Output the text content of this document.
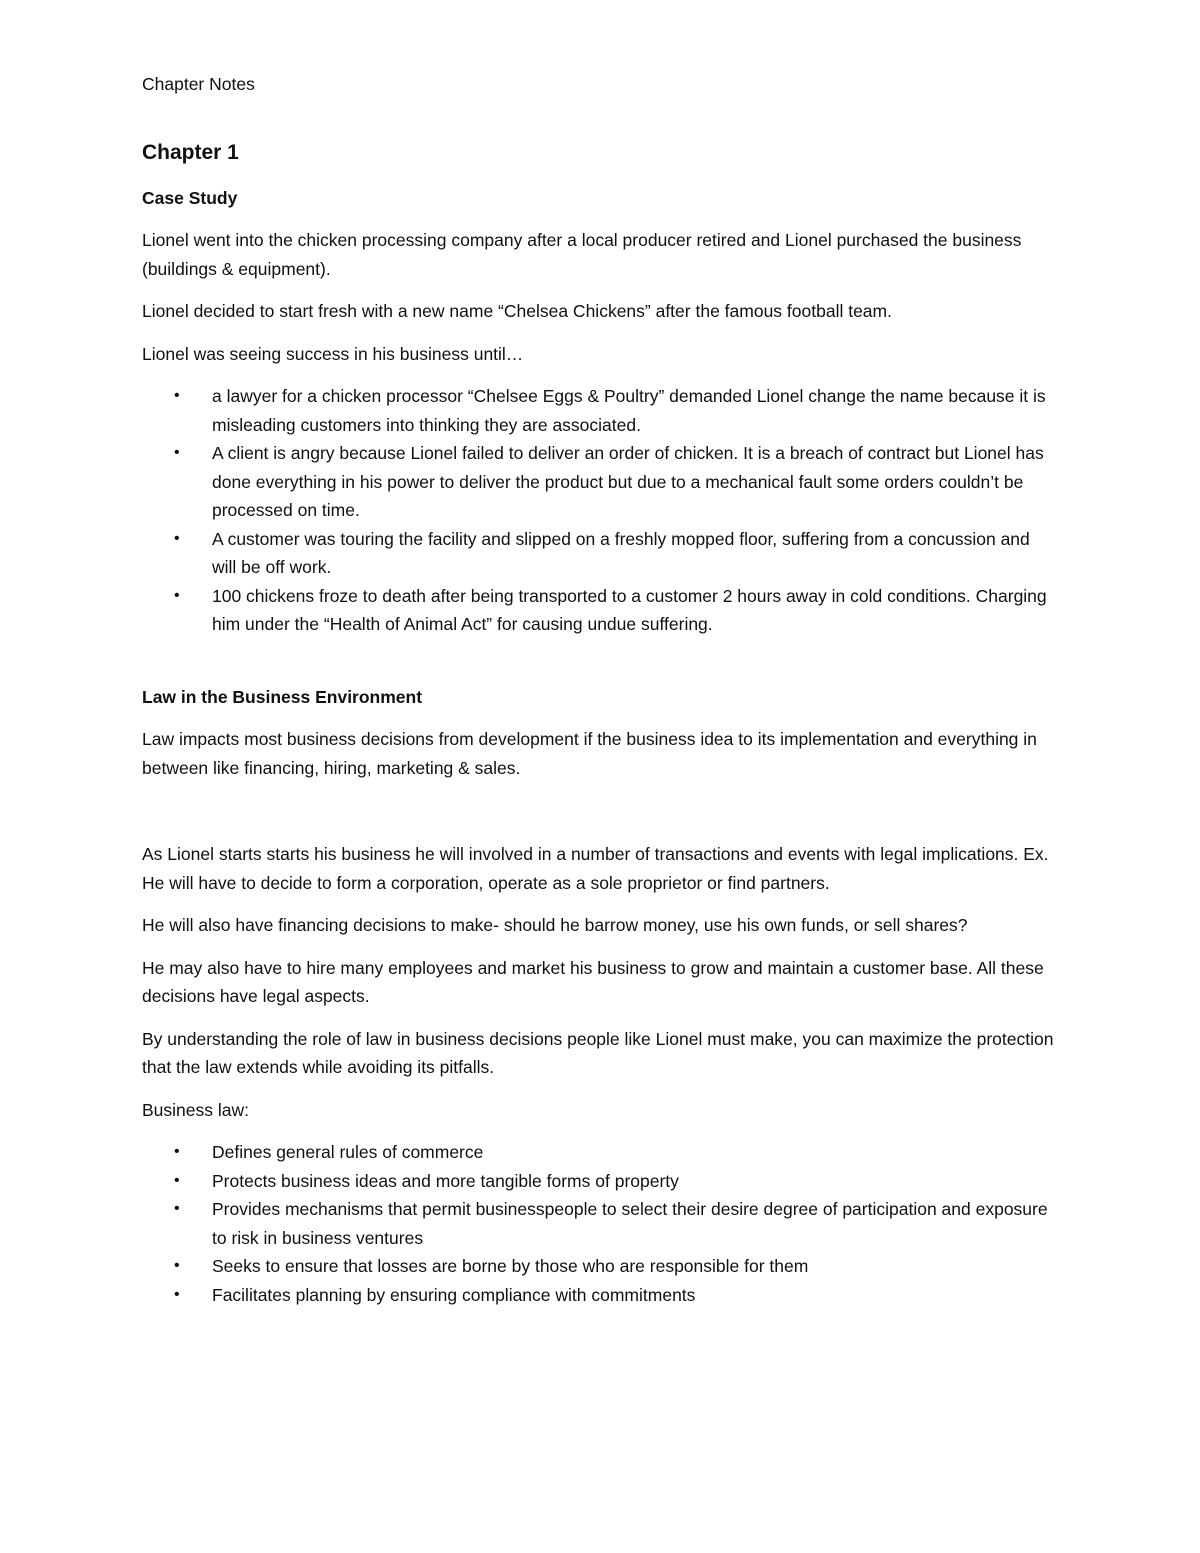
Chapter Notes
Chapter 1
Case Study

Lionel went into the chicken processing company after a local producer retired and Lionel purchased the business (buildings & equipment).

Lionel decided to start fresh with a new name “Chelsea Chickens” after the famous football team.

Lionel was seeing success in his business until…

• a lawyer for a chicken processor “Chelsee Eggs & Poultry” demanded Lionel change the name because it is misleading customers into thinking they are associated.
• A client is angry because Lionel failed to deliver an order of chicken. It is a breach of contract but Lionel has done everything in his power to deliver the product but due to a mechanical fault some orders couldn’t be processed on time.
• A customer was touring the facility and slipped on a freshly mopped floor, suffering from a concussion and will be off work.
• 100 chickens froze to death after being transported to a customer 2 hours away in cold conditions. Charging him under the “Health of Animal Act” for causing undue suffering.
Law in the Business Environment

Law impacts most business decisions from development if the business idea to its implementation and everything in between like financing, hiring, marketing & sales.

As Lionel starts starts his business he will involved in a number of transactions and events with legal implications. Ex. He will have to decide to form a corporation, operate as a sole proprietor or find partners.

He will also have financing decisions to make- should he barrow money, use his own funds, or sell shares?

He may also have to hire many employees and market his business to grow and maintain a customer base. All these decisions have legal aspects.

By understanding the role of law in business decisions people like Lionel must make, you can maximize the protection that the law extends while avoiding its pitfalls.

Business law:

• Defines general rules of commerce
• Protects business ideas and more tangible forms of property
• Provides mechanisms that permit businesspeople to select their desire degree of participation and exposure to risk in business ventures
• Seeks to ensure that losses are borne by those who are responsible for them
• Facilitates planning by ensuring compliance with commitments
